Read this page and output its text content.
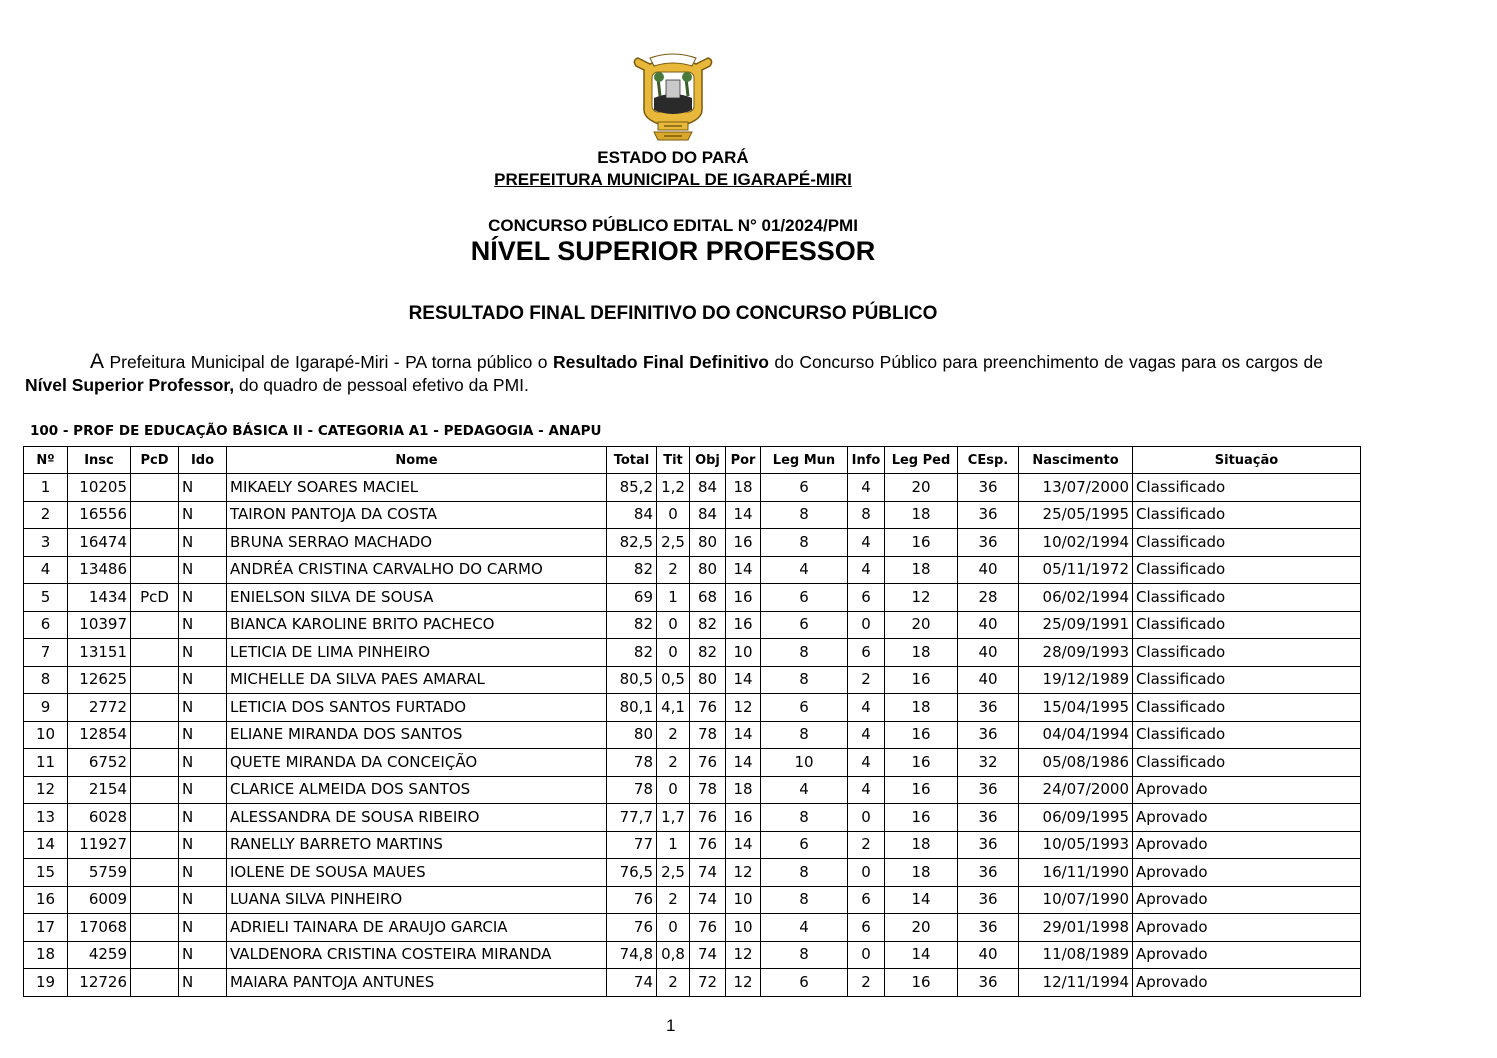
ESTADO DO PARÁ
PREFEITURA MUNICIPAL DE IGARAPÉ-MIRI
CONCURSO PÚBLICO EDITAL N° 01/2024/PMI
NÍVEL SUPERIOR PROFESSOR
RESULTADO FINAL DEFINITIVO DO CONCURSO PÚBLICO
A Prefeitura Municipal de Igarapé-Miri - PA torna público o Resultado Final Definitivo do Concurso Público para preenchimento de vagas para os cargos de Nível Superior Professor, do quadro de pessoal efetivo da PMI.
100 - PROF DE EDUCAÇÃO BÁSICA II - CATEGORIA A1 - PEDAGOGIA - ANAPU
Nº	Insc	PcD	Ido	Nome	Total	Tit	Obj	Por	Leg Mun	Info	Leg Ped	CEsp.	Nascimento	Situação
1	10205		N	MIKAELY SOARES MACIEL	85,2	1,2	84	18	6	4	20	36	13/07/2000	Classificado
2	16556		N	TAIRON PANTOJA DA COSTA	84	0	84	14	8	8	18	36	25/05/1995	Classificado
3	16474		N	BRUNA SERRAO MACHADO	82,5	2,5	80	16	8	4	16	36	10/02/1994	Classificado
4	13486		N	ANDRÉA CRISTINA CARVALHO DO CARMO	82	2	80	14	4	4	18	40	05/11/1972	Classificado
5	1434	PcD	N	ENIELSON SILVA DE SOUSA	69	1	68	16	6	6	12	28	06/02/1994	Classificado
6	10397		N	BIANCA KAROLINE BRITO PACHECO	82	0	82	16	6	0	20	40	25/09/1991	Classificado
7	13151		N	LETICIA DE LIMA PINHEIRO	82	0	82	10	8	6	18	40	28/09/1993	Classificado
8	12625		N	MICHELLE DA SILVA PAES AMARAL	80,5	0,5	80	14	8	2	16	40	19/12/1989	Classificado
9	2772		N	LETICIA DOS SANTOS FURTADO	80,1	4,1	76	12	6	4	18	36	15/04/1995	Classificado
10	12854		N	ELIANE MIRANDA DOS SANTOS	80	2	78	14	8	4	16	36	04/04/1994	Classificado
11	6752		N	QUETE MIRANDA DA CONCEIÇÃO	78	2	76	14	10	4	16	32	05/08/1986	Classificado
12	2154		N	CLARICE ALMEIDA DOS SANTOS	78	0	78	18	4	4	16	36	24/07/2000	Aprovado
13	6028		N	ALESSANDRA DE SOUSA RIBEIRO	77,7	1,7	76	16	8	0	16	36	06/09/1995	Aprovado
14	11927		N	RANELLY BARRETO MARTINS	77	1	76	14	6	2	18	36	10/05/1993	Aprovado
15	5759		N	IOLENE DE SOUSA MAUES	76,5	2,5	74	12	8	0	18	36	16/11/1990	Aprovado
16	6009		N	LUANA SILVA PINHEIRO	76	2	74	10	8	6	14	36	10/07/1990	Aprovado
17	17068		N	ADRIELI TAINARA DE ARAUJO GARCIA	76	0	76	10	4	6	20	36	29/01/1998	Aprovado
18	4259		N	VALDENORA CRISTINA COSTEIRA MIRANDA	74,8	0,8	74	12	8	0	14	40	11/08/1989	Aprovado
19	12726		N	MAIARA PANTOJA ANTUNES	74	2	72	12	6	2	16	36	12/11/1994	Aprovado
1
